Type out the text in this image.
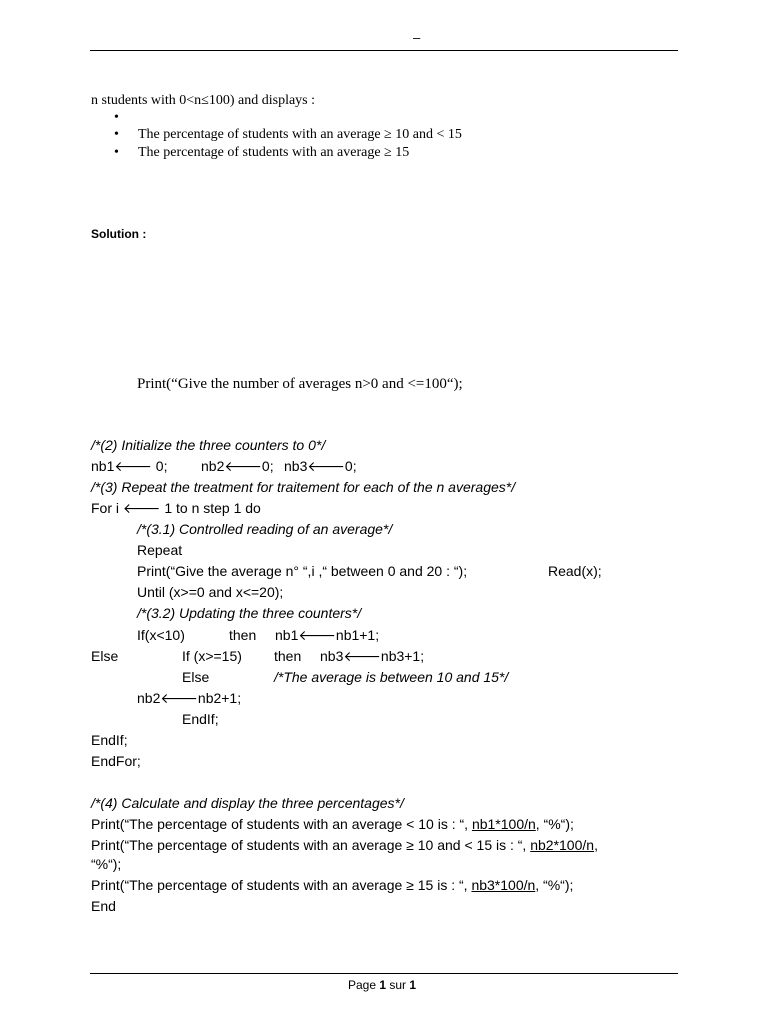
–
n students with 0<n≤100) and displays :
•
• The percentage of students with an average ≥ 10 and < 15
• The percentage of students with an average ≥ 15
Solution :
Print(“Give the number of averages n>0 and <=100“);
/*(2) Initialize the three counters to 0*/
nb1🡐 0; nb2🡐0; nb3🡐0;
/*(3) Repeat the treatment for traitement for each of the n averages*/
For i 🡐 1 to n step 1 do
/*(3.1) Controlled reading of an average*/
Repeat
Print(“Give the average n° “,i ,“ between 0 and 20 : “);	Read(x);
Until (x>=0 and x<=20);
/*(3.2) Updating the three counters*/
If(x<10)	then nb1🡐nb1+1;
Else	If (x>=15) then nb3🡐nb3+1;
Else	/*The average is between 10 and 15*/
nb2🡐nb2+1;
EndIf;
EndIf;
EndFor;
/*(4) Calculate and display the three percentages*/
Print(“The percentage of students with an average < 10 is : “, nb1*100/n, “%“);
Print(“The percentage of students with an average ≥ 10 and < 15 is : “, nb2*100/n,
“%“);
Print(“The percentage of students with an average ≥ 15 is : “, nb3*100/n, “%“);
End
Page 1 sur 1
